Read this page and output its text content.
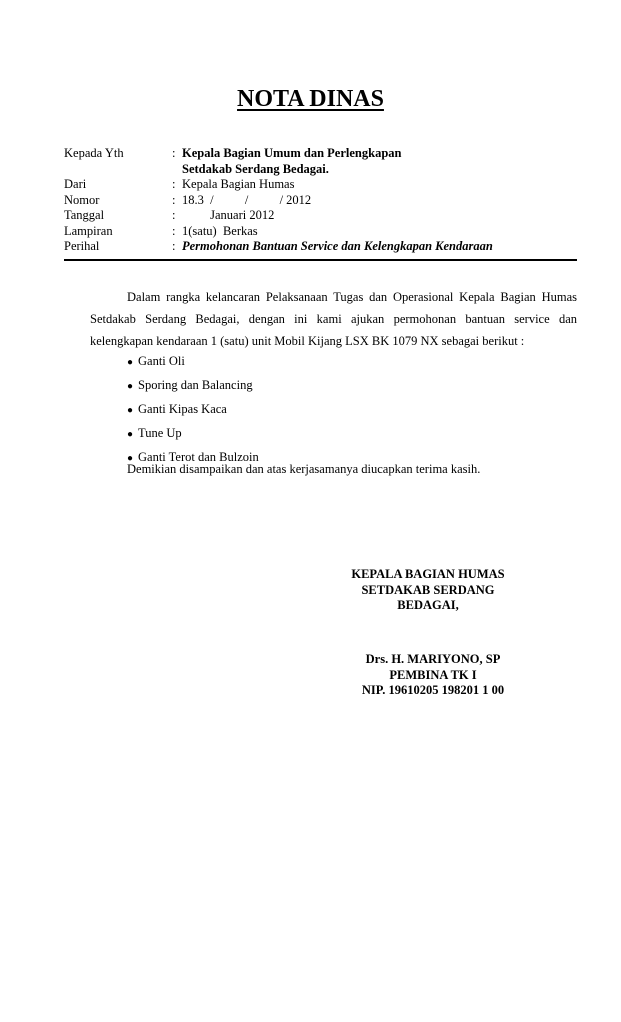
NOTA DINAS
Kepada Yth	: Kepala Bagian Umum dan Perlengkapan
Setdakab Serdang Bedagai.
Dari	: Kepala Bagian Humas
Nomor	: 18.3  /          /          / 2012
Tanggal	: Januari 2012
Lampiran	: 1(satu)  Berkas
Perihal	: Permohonan Bantuan Service dan Kelengkapan Kendaraan
Dalam rangka kelancaran Pelaksanaan Tugas dan Operasional Kepala Bagian Humas Setdakab Serdang Bedagai, dengan ini kami ajukan permohonan bantuan service dan kelengkapan kendaraan 1 (satu) unit Mobil Kijang LSX BK 1079 NX sebagai berikut :
● Ganti Oli
● Sporing dan Balancing
● Ganti Kipas Kaca
● Tune Up
● Ganti Terot dan Bulzoin
Demikian disampaikan dan atas kerjasamanya diucapkan terima kasih.
KEPALA BAGIAN HUMAS
SETDAKAB SERDANG BEDAGAI,
Drs. H. MARIYONO, SP
PEMBINA TK I
NIP. 19610205 198201 1 00
